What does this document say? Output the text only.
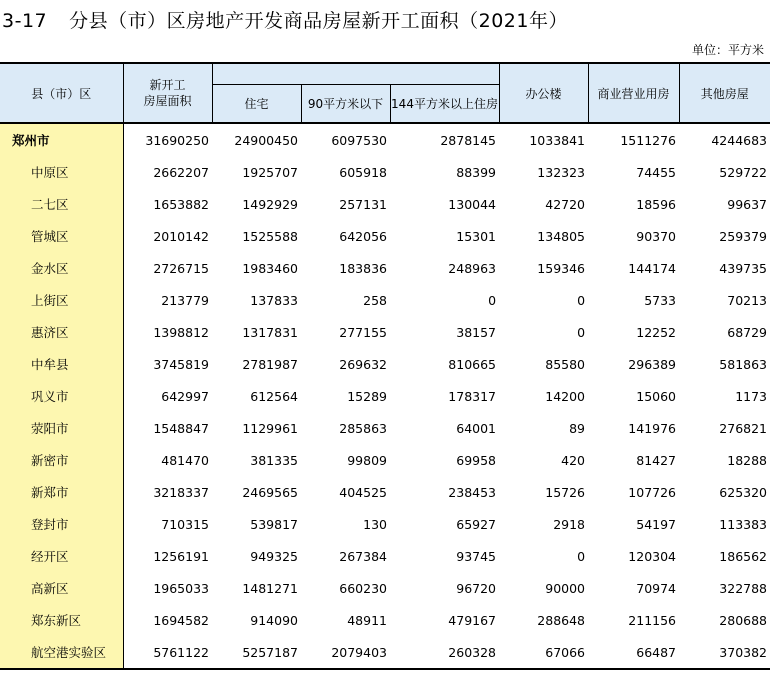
3-17 分县（市）区房地产开发商品房屋新开工面积（2021年）
单位：平方米
县（市）区	新开工
房屋面积				办公楼	商业营业用房	其他房屋
		住宅	90平方米以下	144平方米以上住房			
郑州市	31690250	24900450	6097530	2878145	1033841	1511276	4244683
中原区	2662207	1925707	605918	88399	132323	74455	529722
二七区	1653882	1492929	257131	130044	42720	18596	99637
管城区	2010142	1525588	642056	15301	134805	90370	259379
金水区	2726715	1983460	183836	248963	159346	144174	439735
上街区	213779	137833	258	0	0	5733	70213
惠济区	1398812	1317831	277155	38157	0	12252	68729
中牟县	3745819	2781987	269632	810665	85580	296389	581863
巩义市	642997	612564	15289	178317	14200	15060	1173
荥阳市	1548847	1129961	285863	64001	89	141976	276821
新密市	481470	381335	99809	69958	420	81427	18288
新郑市	3218337	2469565	404525	238453	15726	107726	625320
登封市	710315	539817	130	65927	2918	54197	113383
经开区	1256191	949325	267384	93745	0	120304	186562
高新区	1965033	1481271	660230	96720	90000	70974	322788
郑东新区	1694582	914090	48911	479167	288648	211156	280688
航空港实验区	5761122	5257187	2079403	260328	67066	66487	370382
